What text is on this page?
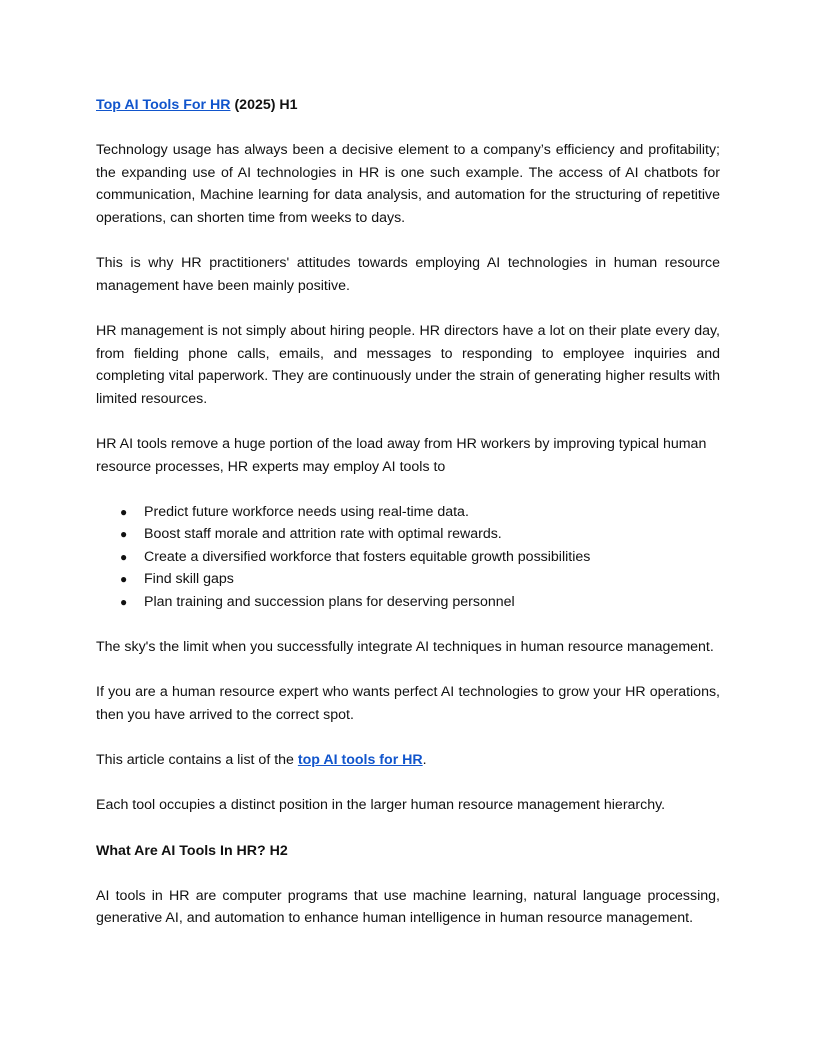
Top AI Tools For HR (2025) H1

Technology usage has always been a decisive element to a company’s efficiency and profitability; the expanding use of AI technologies in HR is one such example. The access of AI chatbots for communication, Machine learning for data analysis, and automation for the structuring of repetitive operations, can shorten time from weeks to days.

This is why HR practitioners' attitudes towards employing AI technologies in human resource management have been mainly positive.

HR management is not simply about hiring people. HR directors have a lot on their plate every day, from fielding phone calls, emails, and messages to responding to employee inquiries and completing vital paperwork. They are continuously under the strain of generating higher results with limited resources.

HR AI tools remove a huge portion of the load away from HR workers by improving typical human resource processes, HR experts may employ AI tools to

● Predict future workforce needs using real-time data.
● Boost staff morale and attrition rate with optimal rewards.
● Create a diversified workforce that fosters equitable growth possibilities
● Find skill gaps
● Plan training and succession plans for deserving personnel

The sky's the limit when you successfully integrate AI techniques in human resource management.

If you are a human resource expert who wants perfect AI technologies to grow your HR operations, then you have arrived to the correct spot.

This article contains a list of the top AI tools for HR.

Each tool occupies a distinct position in the larger human resource management hierarchy.

What Are AI Tools In HR? H2

AI tools in HR are computer programs that use machine learning, natural language processing, generative AI, and automation to enhance human intelligence in human resource management.
